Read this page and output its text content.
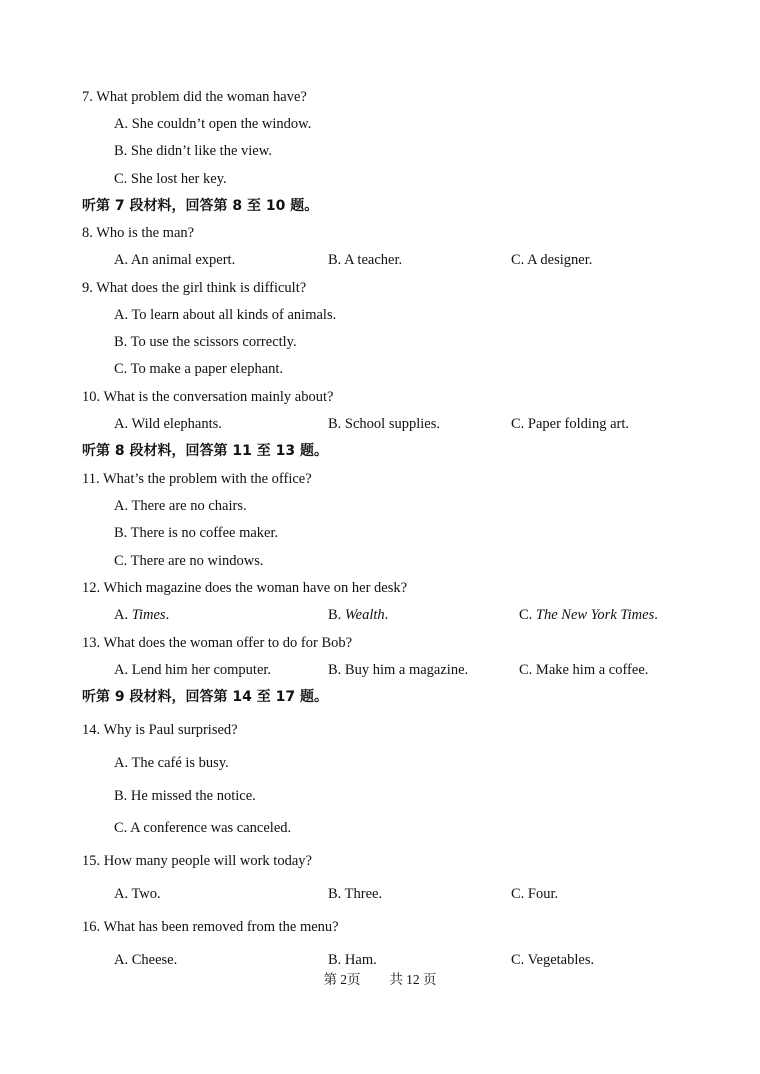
7. What problem did the woman have?
A. She couldn’t open the window.
B. She didn’t like the view.
C. She lost her key.
听第 7 段材料，回答第 8 至 10 题。
8. Who is the man?
A. An animal expert.	B. A teacher.	C. A designer.
9. What does the girl think is difficult?
A. To learn about all kinds of animals.
B. To use the scissors correctly.
C. To make a paper elephant.
10. What is the conversation mainly about?
A. Wild elephants.	B. School supplies.	C. Paper folding art.
听第 8 段材料，回答第 11 至 13 题。
11. What’s the problem with the office?
A. There are no chairs.
B. There is no coffee maker.
C. There are no windows.
12. Which magazine does the woman have on her desk?
A. Times.	B. Wealth.	C. The New York Times.
13. What does the woman offer to do for Bob?
A. Lend him her computer.	B. Buy him a magazine.	C. Make him a coffee.
听第 9 段材料，回答第 14 至 17 题。
14. Why is Paul surprised?
A. The café is busy.
B. He missed the notice.
C. A conference was canceled.
15. How many people will work today?
A. Two.	B. Three.	C. Four.
16. What has been removed from the menu?
A. Cheese.	B. Ham.	C. Vegetables.
第 2页 共 12 页
